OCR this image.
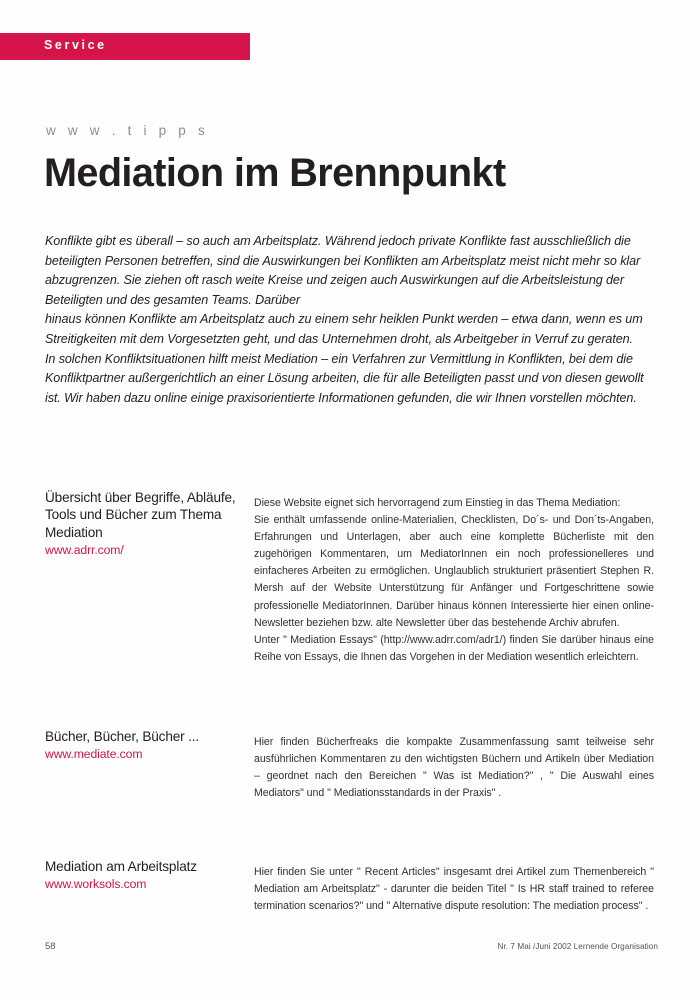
Service
w w w . t i p p s
Mediation im Brennpunkt

Konflikte gibt es überall – so auch am Arbeitsplatz. Während jedoch private Konflikte fast ausschließlich die beteiligten Personen betreffen, sind die Auswirkungen bei Konflikten am Arbeitsplatz meist nicht mehr so klar abzugrenzen. Sie ziehen oft rasch weite Kreise und zeigen auch Auswirkungen auf die Arbeitsleistung der Beteiligten und des gesamten Teams. Darüber

hinaus können Konflikte am Arbeitsplatz auch zu einem sehr heiklen Punkt werden – etwa dann, wenn es um Streitigkeiten mit dem Vorgesetzten geht, und das Unternehmen droht, als Arbeitgeber in Verruf zu geraten.

In solchen Konfliktsituationen hilft meist Mediation – ein Verfahren zur Vermittlung in Konflikten, bei dem die Konfliktpartner außergerichtlich an einer Lösung arbeiten, die für alle Beteiligten passt und von diesen gewollt ist. Wir haben dazu online einige praxisorientierte Informationen gefunden, die wir Ihnen vorstellen möchten.

Übersicht über Begriffe, Abläufe, Tools und Bücher zum Thema Mediation
www.adrr.com/

Diese Website eignet sich hervorragend zum Einstieg in das Thema Mediation:

Sie enthält umfassende online-Materialien, Checklisten, Do´s- und Don´ts-Angaben, Erfahrungen und Unterlagen, aber auch eine komplette Bücherliste mit den zugehörigen Kommentaren, um MediatorInnen ein noch professionelleres und einfacheres Arbeiten zu ermöglichen. Unglaublich strukturiert präsentiert Stephen R. Mersh auf der Website Unterstützung für Anfänger und Fortgeschrittene sowie professionelle MediatorInnen. Darüber hinaus können Interessierte hier einen online-Newsletter beziehen bzw. alte Newsletter über das bestehende Archiv abrufen.

Unter " Mediation Essays" (http://www.adrr.com/adr1/) finden Sie darüber hinaus eine Reihe von Essays, die Ihnen das Vorgehen in der Mediation wesentlich erleichtern.

Bücher, Bücher, Bücher ...
www.mediate.com

Hier finden Bücherfreaks die kompakte Zusammenfassung samt teilweise sehr ausführlichen Kommentaren zu den wichtigsten Büchern und Artikeln über Mediation – geordnet nach den Bereichen " Was ist Mediation?" , " Die Auswahl eines Mediators" und " Mediationsstandards in der Praxis" .

Mediation am Arbeitsplatz
www.worksols.com

Hier finden Sie unter " Recent Articles" insgesamt drei Artikel zum Themenbereich " Mediation am Arbeitsplatz" - darunter die beiden Titel " Is HR staff trained to referee termination scenarios?" und " Alternative dispute resolution: The mediation process" .

58	Nr. 7 Mai /Juni 2002 Lernende Organisation
